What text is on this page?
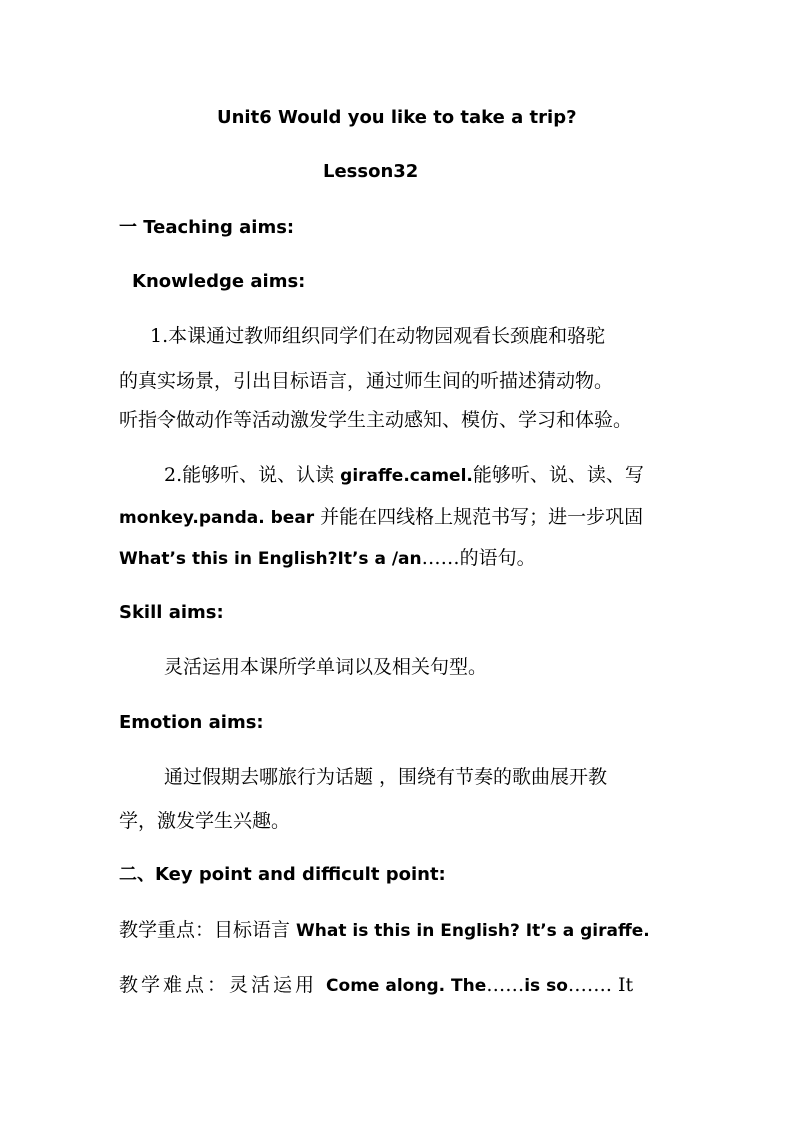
Unit6 Would you like to take a trip?
Lesson32
一 Teaching aims:
Knowledge aims:
1.本课通过教师组织同学们在动物园观看长颈鹿和骆驼
的真实场景，引出目标语言，通过师生间的听描述猜动物。
听指令做动作等活动激发学生主动感知、模仿、学习和体验。
2.能够听、说、认读 giraffe.camel.能够听、说、读、写
monkey.panda. bear 并能在四线格上规范书写；进一步巩固
What’s this in English?It’s a /an……的语句。
Skill aims:
灵活运用本课所学单词以及相关句型。
Emotion aims:
通过假期去哪旅行为话题 ，围绕有节奏的歌曲展开教
学，激发学生兴趣。
二、Key point and difficult point:
教学重点：目标语言 What is this in English? It’s a giraffe.
教学难点：灵活运用 Come along. The……is so……. It
